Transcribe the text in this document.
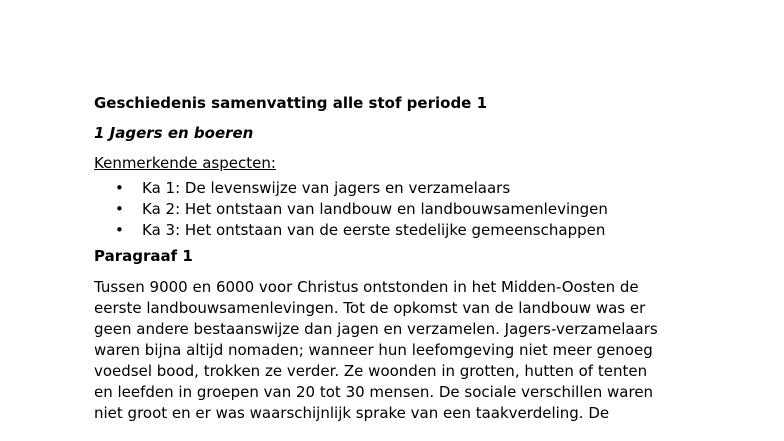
Geschiedenis samenvatting alle stof periode 1

1 Jagers en boeren

Kenmerkende aspecten:

• Ka 1: De levenswijze van jagers en verzamelaars
• Ka 2: Het ontstaan van landbouw en landbouwsamenlevingen
• Ka 3: Het ontstaan van de eerste stedelijke gemeenschappen

Paragraaf 1

Tussen 9000 en 6000 voor Christus ontstonden in het Midden-Oosten de
eerste landbouwsamenlevingen. Tot de opkomst van de landbouw was er
geen andere bestaanswijze dan jagen en verzamelen. Jagers-verzamelaars
waren bijna altijd nomaden; wanneer hun leefomgeving niet meer genoeg
voedsel bood, trokken ze verder. Ze woonden in grotten, hutten of tenten
en leefden in groepen van 20 tot 30 mensen. De sociale verschillen waren
niet groot en er was waarschijnlijk sprake van een taakverdeling. De
